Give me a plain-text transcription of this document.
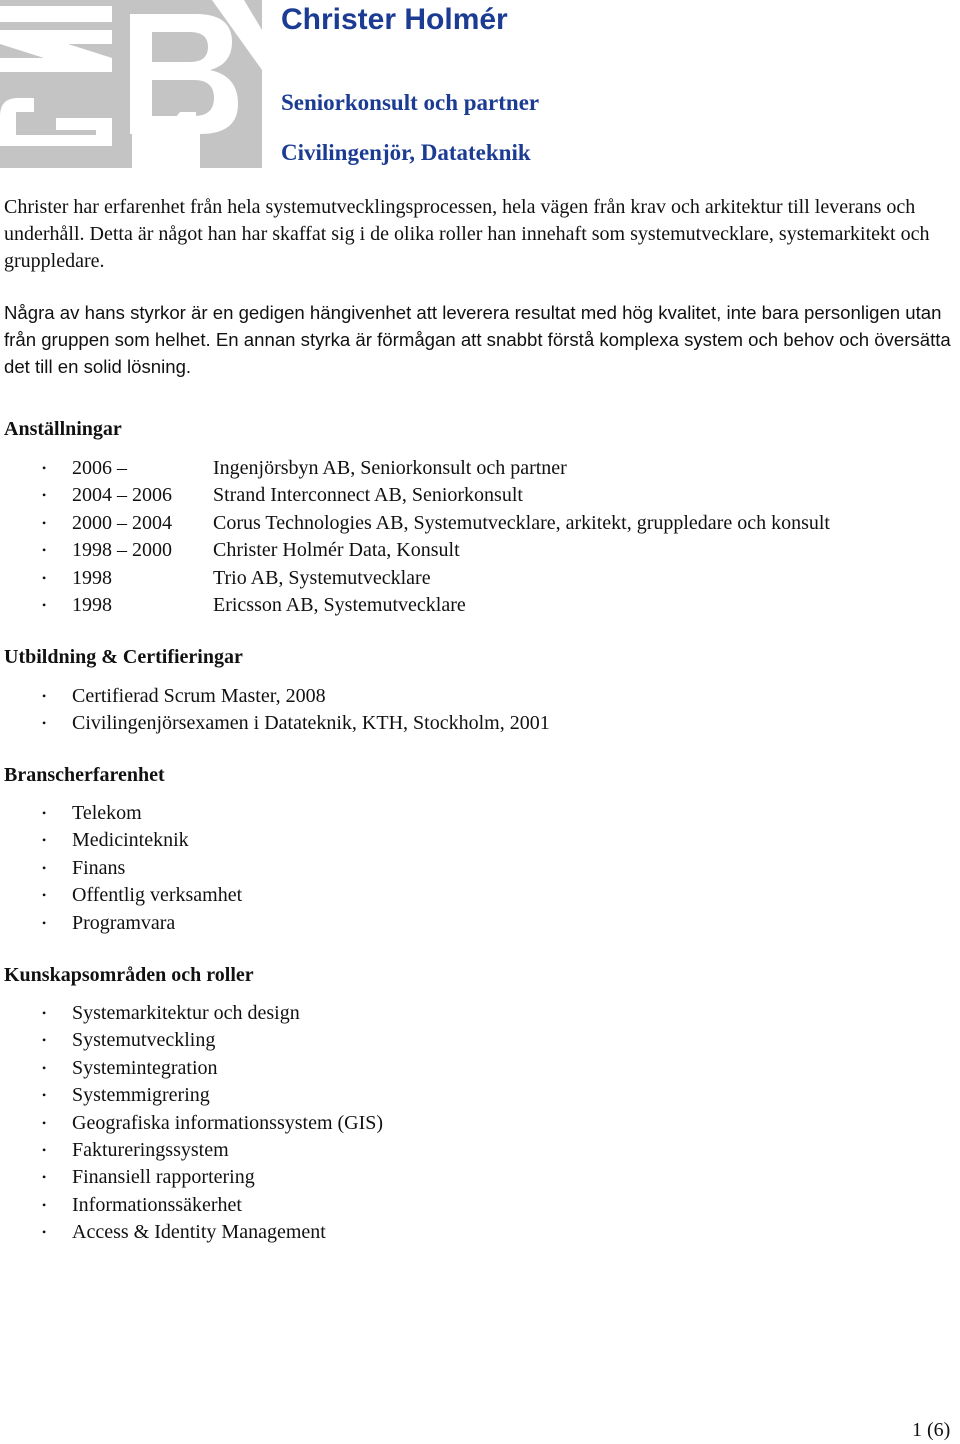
Christer Holmér
Seniorkonsult och partner
Civilingenjör, Datateknik
Christer har erfarenhet från hela systemutvecklingsprocessen, hela vägen från krav och arkitektur till leverans och underhåll. Detta är något han har skaffat sig i de olika roller han innehaft som systemutvecklare, systemarkitekt och gruppledare.
Några av hans styrkor är en gedigen hängivenhet att leverera resultat med hög kvalitet, inte bara personligen utan från gruppen som helhet. En annan styrka är förmågan att snabbt förstå komplexa system och behov och översätta det till en solid lösning.
Anställningar
• 2006 –	Ingenjörsbyn AB, Seniorkonsult och partner
• 2004 – 2006 Strand Interconnect AB, Seniorkonsult
• 2000 – 2004 Corus Technologies AB, Systemutvecklare, arkitekt, gruppledare och konsult
• 1998 – 2000 Christer Holmér Data, Konsult
• 1998	Trio AB, Systemutvecklare
• 1998	Ericsson AB, Systemutvecklare
Utbildning & Certifieringar
• Certifierad Scrum Master, 2008
• Civilingenjörsexamen i Datateknik, KTH, Stockholm, 2001
Branscherfarenhet
• Telekom
• Medicinteknik
• Finans
• Offentlig verksamhet
• Programvara
Kunskapsområden och roller
• Systemarkitektur och design
• Systemutveckling
• Systemintegration
• Systemmigrering
• Geografiska informationssystem (GIS)
• Faktureringssystem
• Finansiell rapportering
• Informationssäkerhet
• Access & Identity Management
1 (6)
